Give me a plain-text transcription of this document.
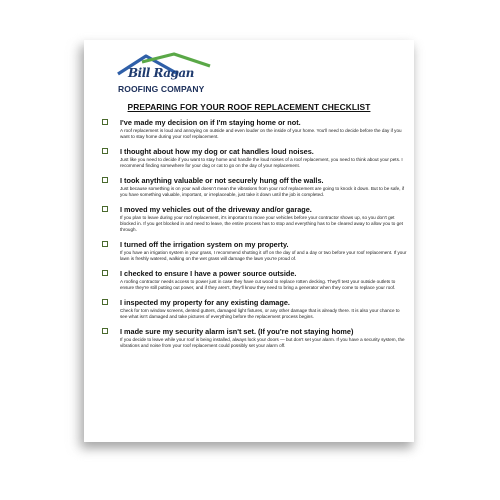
Bill Ragan
ROOFING COMPANY
PREPARING FOR YOUR ROOF REPLACEMENT CHECKLIST
I've made my decision on if I'm staying home or not.
A roof replacement is loud and annoying on outside and even louder on the inside of your home. You'll need to decide before the day if you want to stay home during your roof replacement.
I thought about how my dog or cat handles loud noises.
Just like you need to decide if you want to stay home and handle the loud noises of a roof replacement, you need to think about your pets. I recommend finding somewhere for your dog or cat to go on the day of your replacement.
I took anything valuable or not securely hung off the walls.
Just because something is on your wall doesn't mean the vibrations from your roof replacement are going to knock it down. But to be safe, if you have something valuable, important, or irreplaceable, just take it down until the job is completed.
I moved my vehicles out of the driveway and/or garage.
If you plan to leave during your roof replacement, it's important to move your vehicles before your contractor shows up, so you don't get blocked in. If you get blocked in and need to leave, the entire process has to stop and everything has to be cleared away to allow you to get through.
I turned off the irrigation system on my property.
If you have an irrigation system in your grass, I recommend shutting it off on the day of and a day or two before your roof replacement. If your lawn is freshly watered, walking on the wet grass will damage the lawn you're proud of.
I checked to ensure I have a power source outside.
A roofing contractor needs access to power just in case they have cut wood to replace rotten decking. They'll test your outside outlets to ensure they're still putting out power, and if they aren't, they'll know they need to bring a generator when they come to replace your roof.
I inspected my property for any existing damage.
Check for torn window screens, dented gutters, damaged light fixtures, or any other damage that is already there. It is also your chance to see what isn't damaged and take pictures of everything before the replacement process begins.
I made sure my security alarm isn't set. (If you're not staying home)
If you decide to leave while your roof is being installed, always lock your doors — but don't set your alarm. If you have a security system, the vibrations and noise from your roof replacement could possibly set your alarm off.
